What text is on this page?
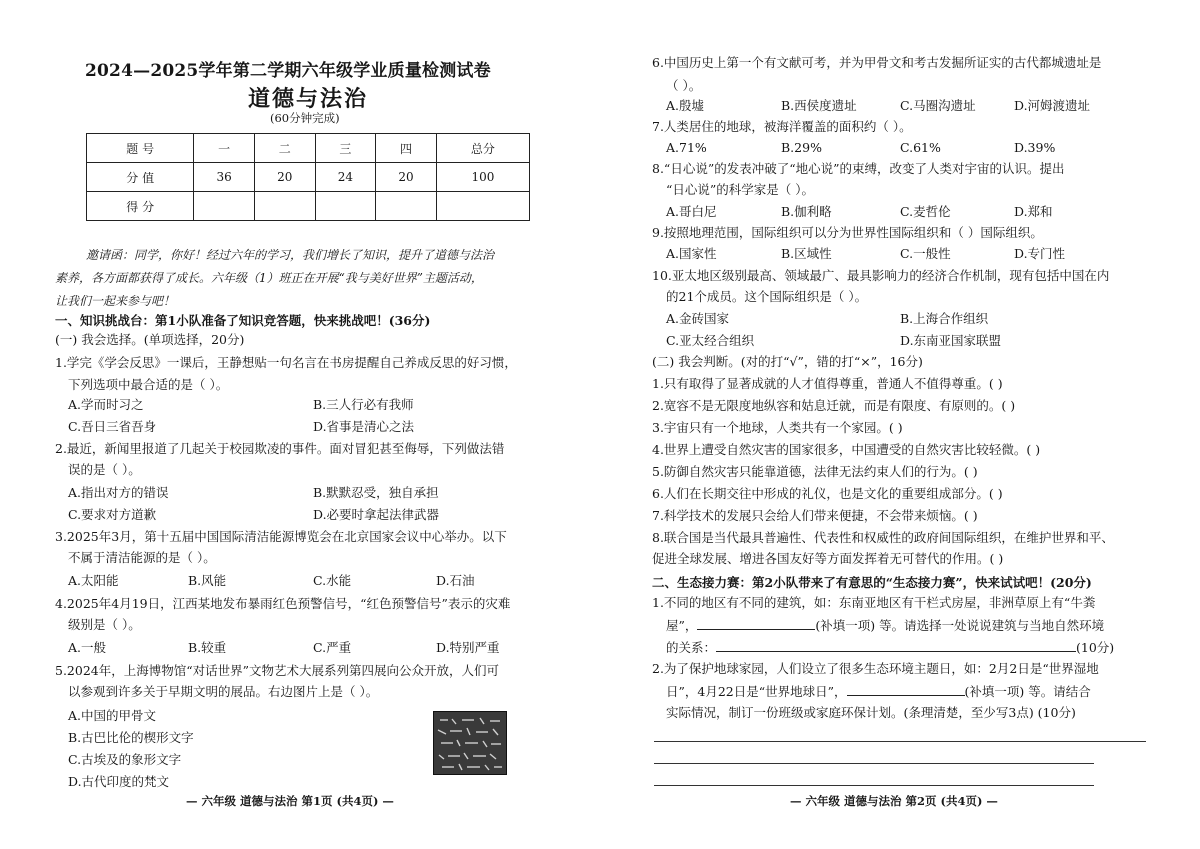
2024—2025学年第二学期六年级学业质量检测试卷
道德与法治
(60分钟完成)
题 号	一	二	三	四	总分
分 值	36	20	24	20	100
得 分					
邀请函：同学，你好！经过六年的学习，我们增长了知识，提升了道德与法治
素养，各方面都获得了成长。六年级（1）班正在开展“我与美好世界”主题活动，
让我们一起来参与吧！
一、知识挑战台：第1小队准备了知识竞答题，快来挑战吧！(36分)
(一) 我会选择。(单项选择，20分)
1.学完《学会反思》一课后，王静想贴一句名言在书房提醒自己养成反思的好习惯，
下列选项中最合适的是（ ）。
A.学而时习之	B.三人行必有我师
C.吾日三省吾身	D.省事是清心之法
2.最近，新闻里报道了几起关于校园欺凌的事件。面对冒犯甚至侮辱，下列做法错
误的是（ ）。
A.指出对方的错误	B.默默忍受，独自承担
C.要求对方道歉	D.必要时拿起法律武器
3.2025年3月，第十五届中国国际清洁能源博览会在北京国家会议中心举办。以下
不属于清洁能源的是（ ）。
A.太阳能	B.风能	C.水能	D.石油
4.2025年4月19日，江西某地发布暴雨红色预警信号，“红色预警信号”表示的灾难
级别是（ ）。
A.一般	B.较重	C.严重	D.特别严重
5.2024年，上海博物馆“对话世界”文物艺术大展系列第四展向公众开放，人们可
以参观到许多关于早期文明的展品。右边图片上是（ ）。
A.中国的甲骨文
B.古巴比伦的楔形文字
C.古埃及的象形文字
D.古代印度的梵文
— 六年级 道德与法治 第1页 (共4页) —
6.中国历史上第一个有文献可考，并为甲骨文和考古发掘所证实的古代都城遗址是
（ ）。
A.殷墟	B.西侯度遗址	C.马圈沟遗址	D.河姆渡遗址
7.人类居住的地球，被海洋覆盖的面积约（ ）。
A.71%	B.29%	C.61%	D.39%
8.“日心说”的发表冲破了“地心说”的束缚，改变了人类对宇宙的认识。提出
“日心说”的科学家是（ ）。
A.哥白尼	B.伽利略	C.麦哲伦	D.郑和
9.按照地理范围，国际组织可以分为世界性国际组织和（ ）国际组织。
A.国家性	B.区域性	C.一般性	D.专门性
10.亚太地区级别最高、领域最广、最具影响力的经济合作机制，现有包括中国在内
的21个成员。这个国际组织是（ ）。
A.金砖国家	B.上海合作组织
C.亚太经合组织	D.东南亚国家联盟
(二) 我会判断。(对的打“√”，错的打“×”，16分)
1.只有取得了显著成就的人才值得尊重，普通人不值得尊重。( )
2.宽容不是无限度地纵容和姑息迁就，而是有限度、有原则的。( )
3.宇宙只有一个地球，人类共有一个家园。( )
4.世界上遭受自然灾害的国家很多，中国遭受的自然灾害比较轻微。( )
5.防御自然灾害只能靠道德，法律无法约束人们的行为。( )
6.人们在长期交往中形成的礼仪，也是文化的重要组成部分。( )
7.科学技术的发展只会给人们带来便捷，不会带来烦恼。( )
8.联合国是当代最具普遍性、代表性和权威性的政府间国际组织，在维护世界和平、
促进全球发展、增进各国友好等方面发挥着无可替代的作用。( )
二、生态接力赛：第2小队带来了有意思的“生态接力赛”，快来试试吧！(20分)
1.不同的地区有不同的建筑，如：东南亚地区有干栏式房屋，非洲草原上有“牛粪
屋”，	(补填一项) 等。请选择一处说说建筑与当地自然环境
的关系：	(10分)
2.为了保护地球家园，人们设立了很多生态环境主题日，如：2月2日是“世界湿地
日”，4月22日是“世界地球日”，	(补填一项) 等。请结合
实际情况，制订一份班级或家庭环保计划。(条理清楚，至少写3点) (10分)
— 六年级 道德与法治 第2页 (共4页) —
